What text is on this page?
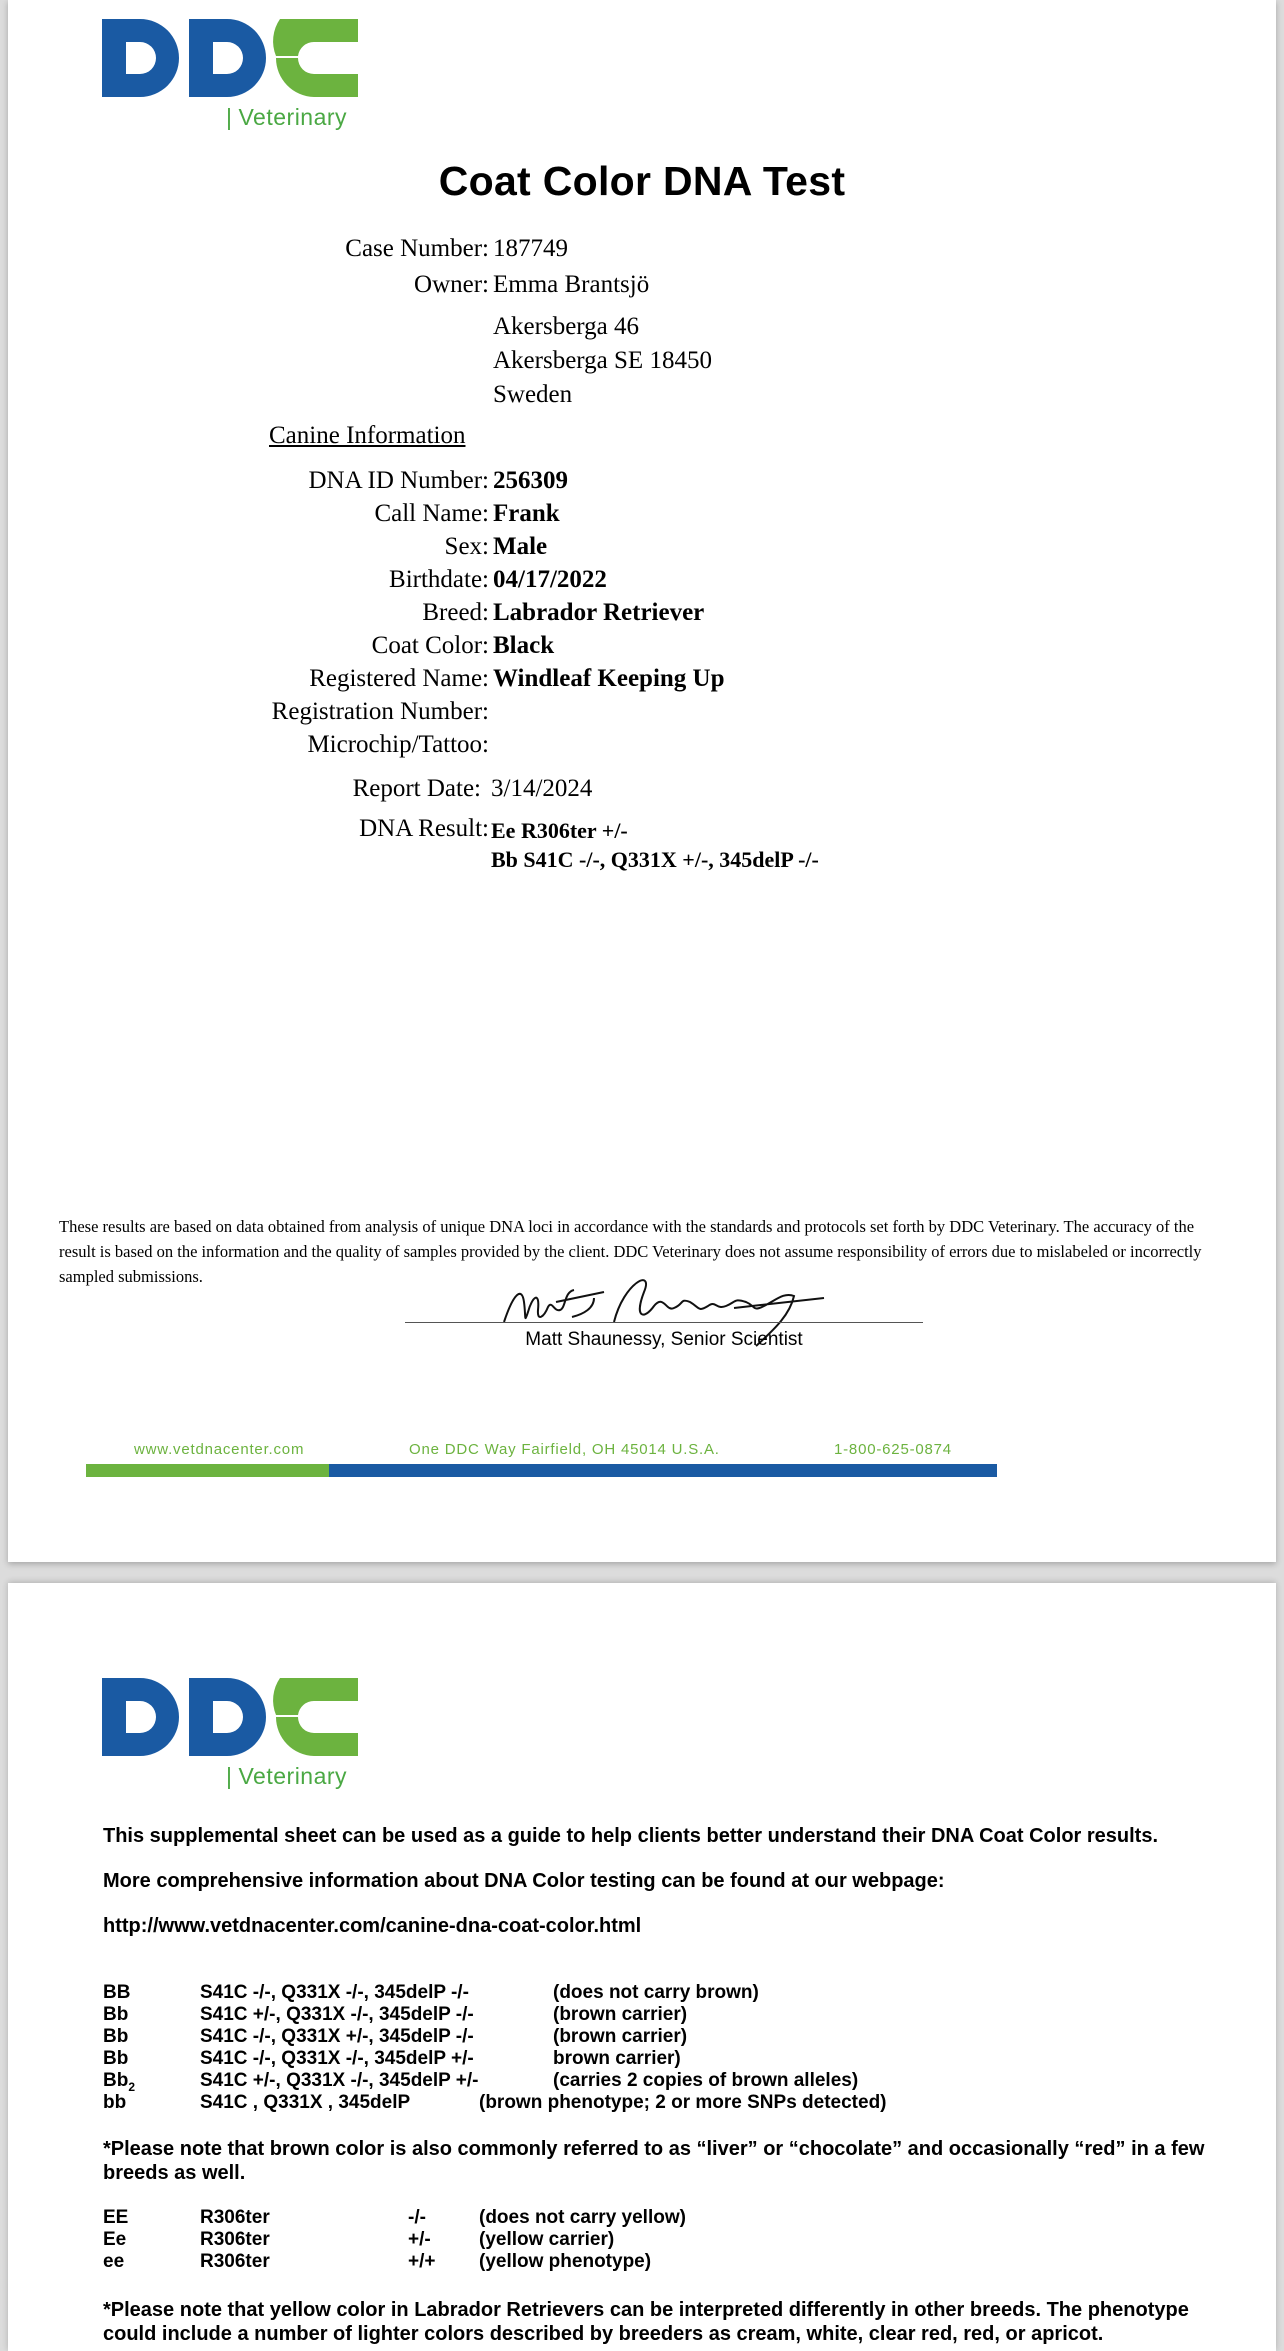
| Veterinary
Coat Color DNA Test
Case Number: 187749
Owner: Emma Brantsjö
Akersberga 46
Akersberga SE 18450
Sweden
Canine Information
DNA ID Number: 256309
Call Name: Frank
Sex: Male
Birthdate: 04/17/2022
Breed: Labrador Retriever
Coat Color: Black
Registered Name: Windleaf Keeping Up
Registration Number:
Microchip/Tattoo:
Report Date: 3/14/2024
DNA Result: Ee R306ter +/-
Bb S41C -/-, Q331X +/-, 345delP -/-
These results are based on data obtained from analysis of unique DNA loci in accordance with the standards and protocols set forth by DDC Veterinary. The accuracy of the result is based on the information and the quality of samples provided by the client. DDC Veterinary does not assume responsibility of errors due to mislabeled or incorrectly sampled submissions.
Matt Shaunessy, Senior Scientist
www.vetdnacenter.com	One DDC Way Fairfield, OH 45014 U.S.A.	1-800-625-0874
| Veterinary
This supplemental sheet can be used as a guide to help clients better understand their DNA Coat Color results.
More comprehensive information about DNA Color testing can be found at our webpage:
http://www.vetdnacenter.com/canine-dna-coat-color.html
BB	S41C -/-, Q331X -/-, 345delP -/-	(does not carry brown)
Bb	S41C +/-, Q331X -/-, 345delP -/-	(brown carrier)
Bb	S41C -/-, Q331X +/-, 345delP -/-	(brown carrier)
Bb	S41C -/-, Q331X -/-, 345delP +/-	brown carrier)
$Bb_2$	S41C +/-, Q331X -/-, 345delP +/-	(carries 2 copies of brown alleles)
bb	S41C , Q331X , 345delP	(brown phenotype; 2 or more SNPs detected)
*Please note that brown color is also commonly referred to as “liver” or “chocolate” and occasionally “red” in a few breeds as well.
EE	R306ter	-/-	(does not carry yellow)
Ee	R306ter	+/-	(yellow carrier)
ee	R306ter	+/+ (yellow phenotype)
*Please note that yellow color in Labrador Retrievers can be interpreted differently in other breeds. The phenotype could include a number of lighter colors described by breeders as cream, white, clear red, red, or apricot.
